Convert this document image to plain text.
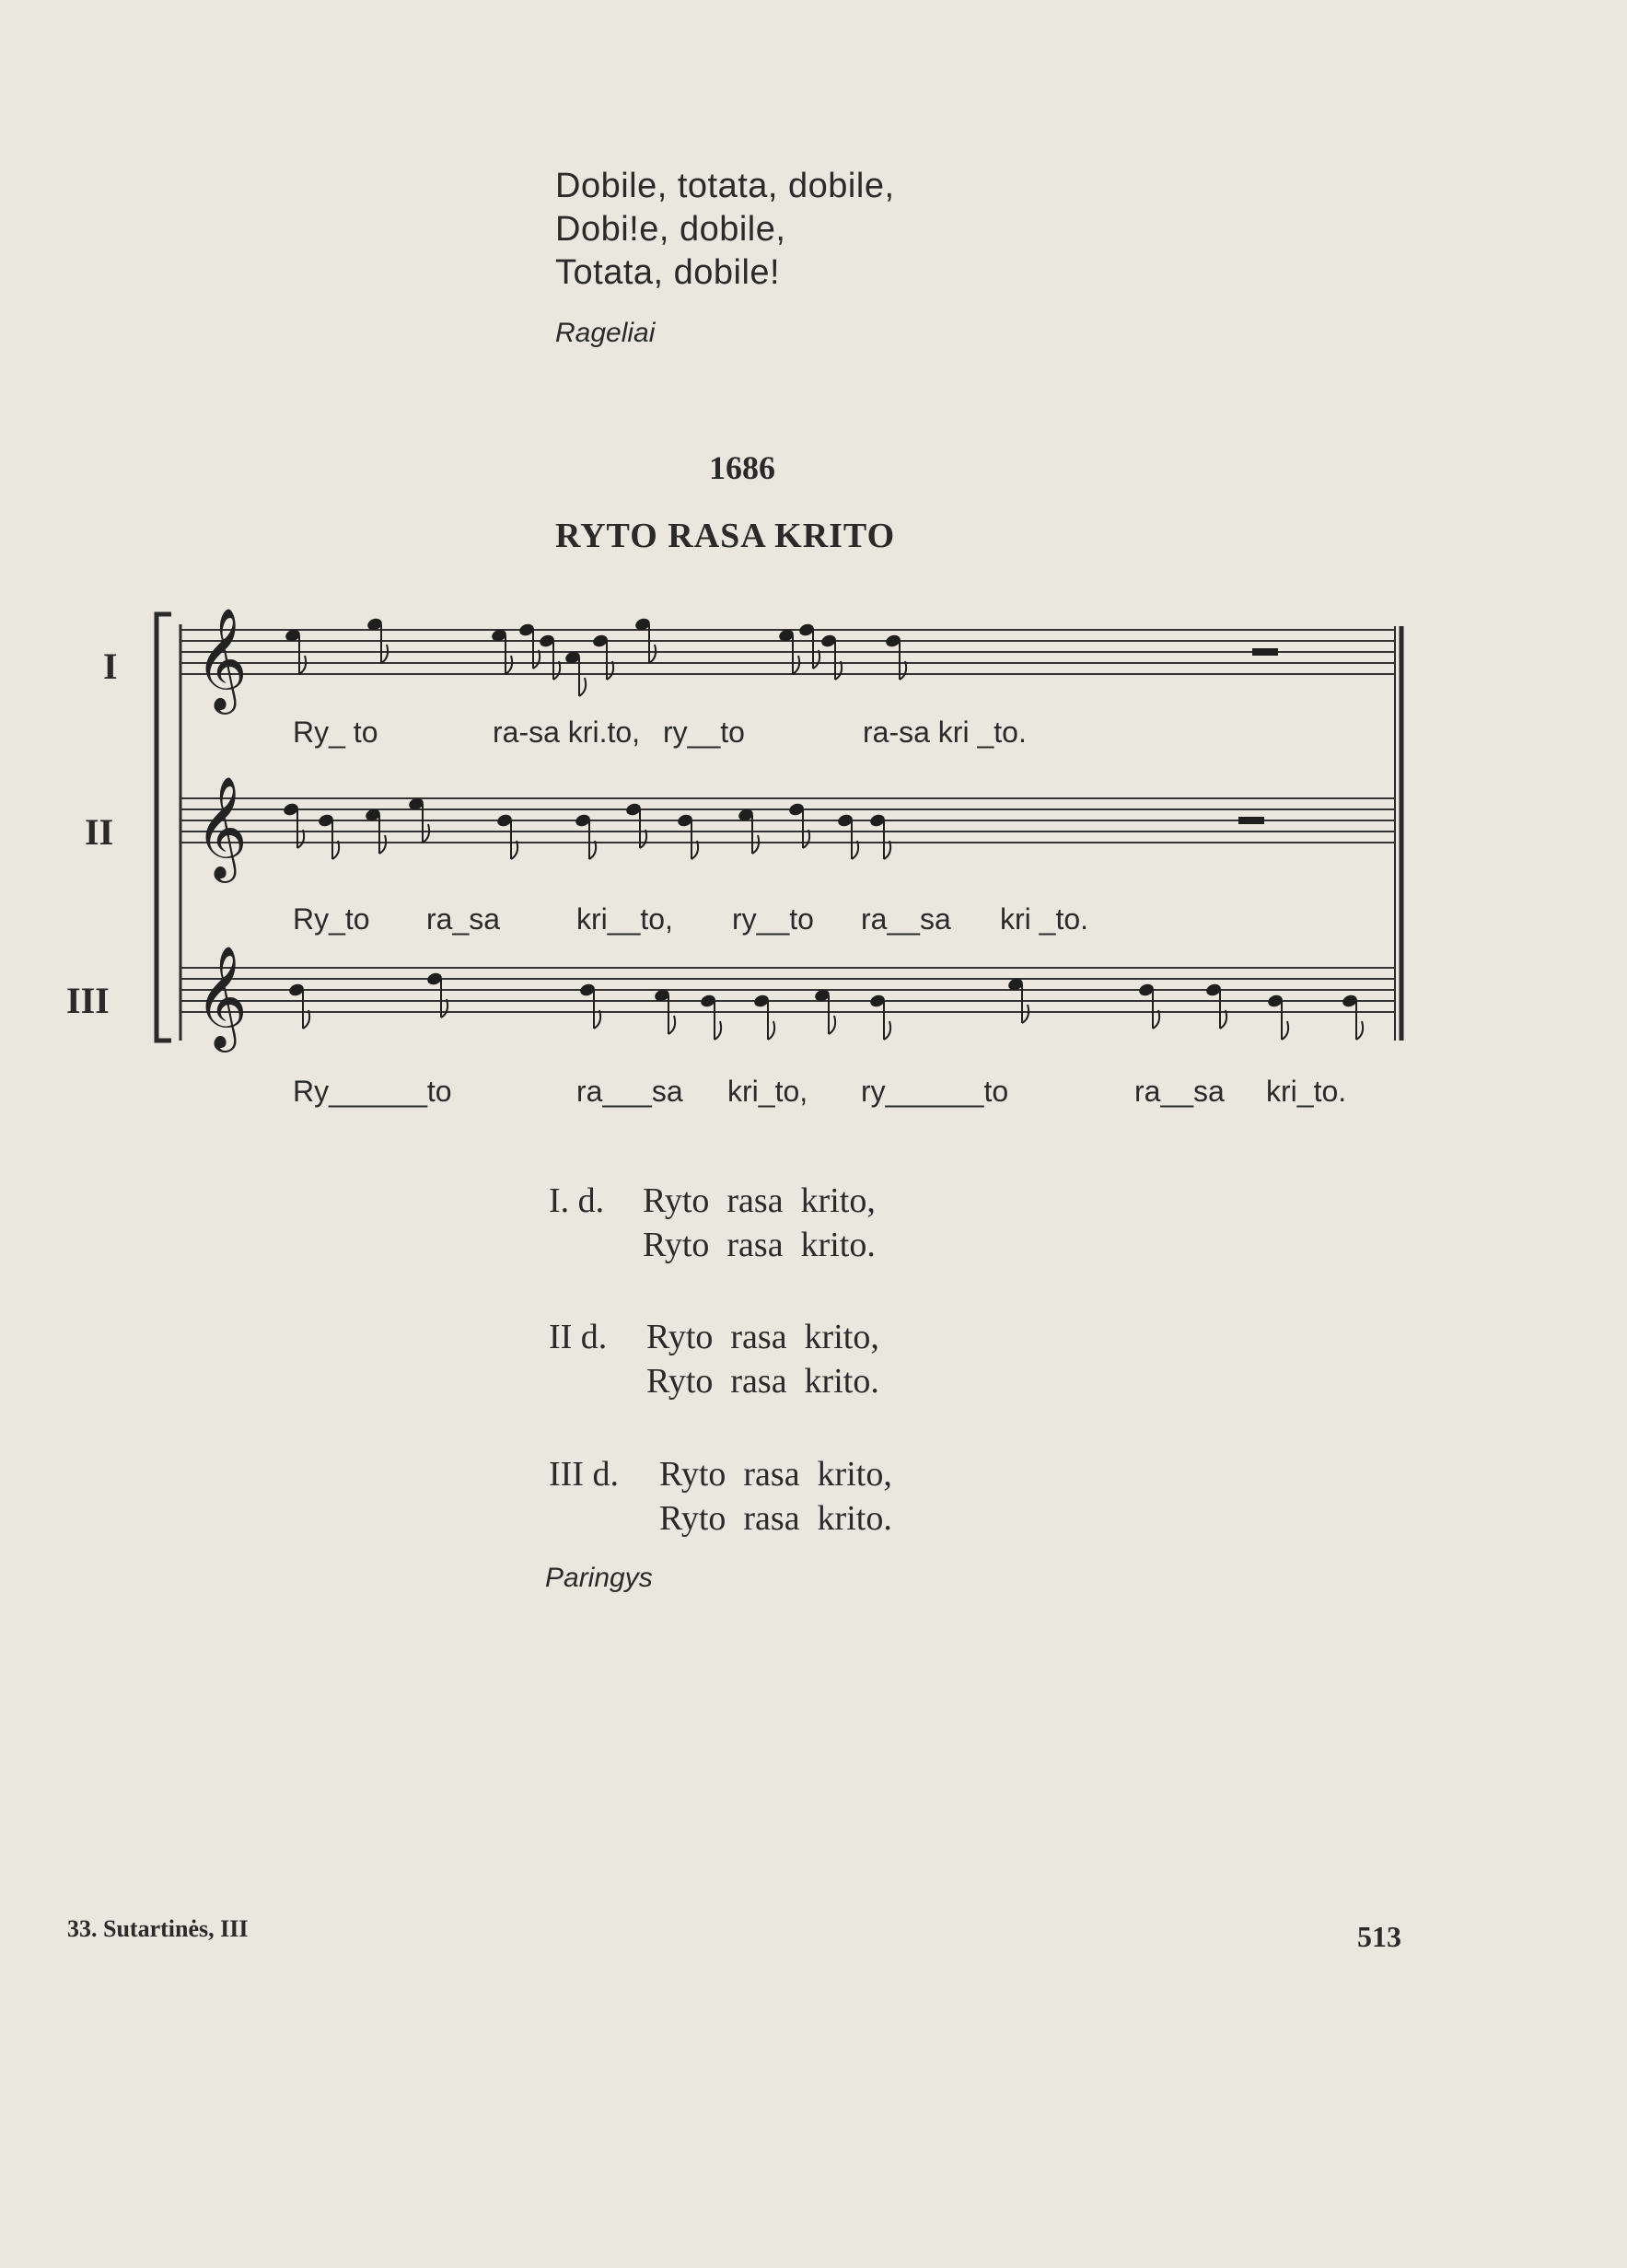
Dobile, totata, dobile,
Dobi!e, dobile,
Totata, dobile!
Rageliai
1686
RYTO RASA KRITO
I
II
III
𝄞
𝄞
𝄞
Ry_ to	ra-sa kri.to, ry__to	ra-sa kri _to.
Ry_to ra_sa	kri__to, ry__to ra__sa kri _to.
Ry______to	ra___sa kri_to, ry______to	ra__sa kri_to.
I. d. Ryto  rasa  krito,
Ryto  rasa  krito.
II d. Ryto  rasa  krito,
Ryto  rasa  krito.
III d. Ryto  rasa  krito,
Ryto  rasa  krito.
Paringys
33. Sutartinės, III	513
